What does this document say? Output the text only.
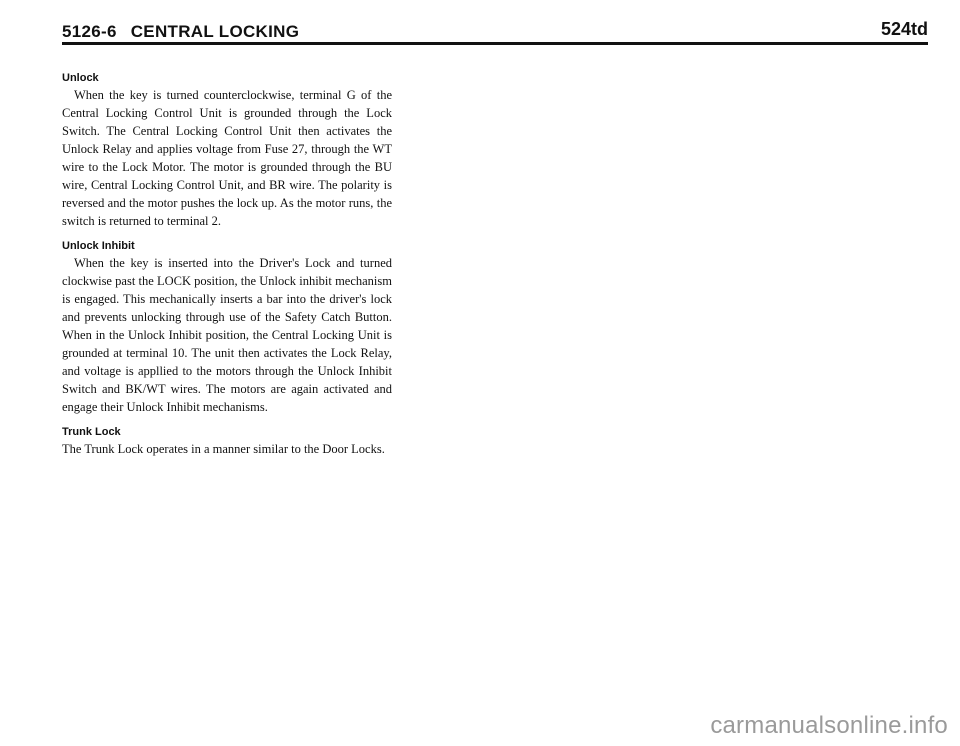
5126-6 CENTRAL LOCKING	524td
Unlock

When the key is turned counterclockwise, terminal G of the Central Locking Control Unit is grounded through the Lock Switch. The Central Locking Control Unit then activates the Unlock Relay and applies voltage from Fuse 27, through the WT wire to the Lock Motor. The motor is grounded through the BU wire, Central Locking Control Unit, and BR wire. The polarity is reversed and the motor pushes the lock up. As the motor runs, the switch is returned to terminal 2.

Unlock Inhibit

When the key is inserted into the Driver's Lock and turned clockwise past the LOCK position, the Unlock inhibit mechanism is engaged. This mechanically inserts a bar into the driver's lock and prevents unlocking through use of the Safety Catch Button. When in the Unlock Inhibit position, the Central Locking Unit is grounded at terminal 10. The unit then activates the Lock Relay, and voltage is appllied to the motors through the Unlock Inhibit Switch and BK/WT wires. The motors are again activated and engage their Unlock Inhibit mechanisms.

Trunk Lock

The Trunk Lock operates in a manner similar to the Door Locks.

carmanualsonline.info
